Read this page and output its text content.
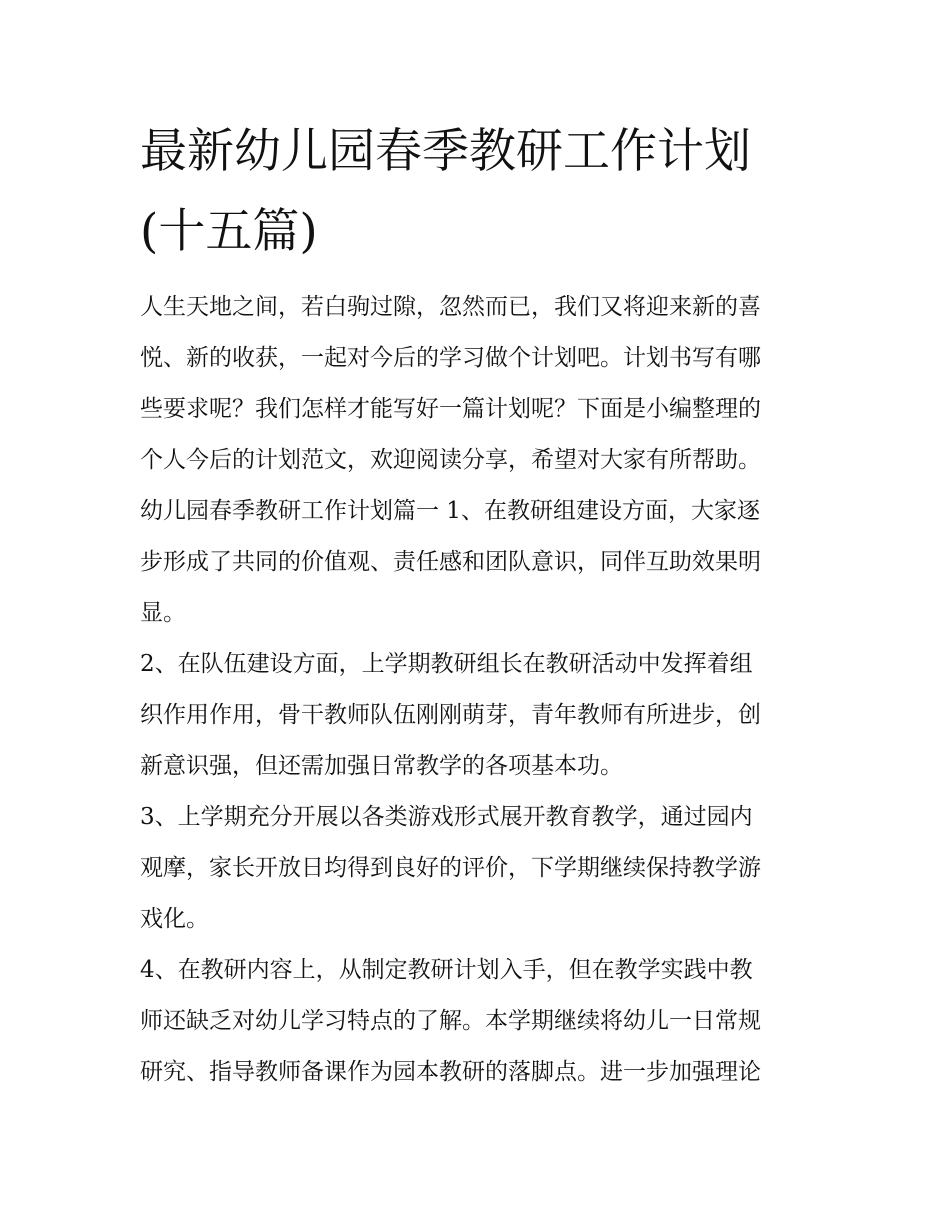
最新幼儿园春季教研工作计划
(十五篇)

人生天地之间，若白驹过隙，忽然而已，我们又将迎来新的喜
悦、新的收获，一起对今后的学习做个计划吧。计划书写有哪
些要求呢？我们怎样才能写好一篇计划呢？下面是小编整理的
个人今后的计划范文，欢迎阅读分享，希望对大家有所帮助。

幼儿园春季教研工作计划篇一 1、在教研组建设方面，大家逐
步形成了共同的价值观、责任感和团队意识，同伴互助效果明
显。

2、在队伍建设方面，上学期教研组长在教研活动中发挥着组
织作用作用，骨干教师队伍刚刚萌芽，青年教师有所进步，创
新意识强，但还需加强日常教学的各项基本功。

3、上学期充分开展以各类游戏形式展开教育教学，通过园内
观摩，家长开放日均得到良好的评价，下学期继续保持教学游
戏化。

4、在教研内容上，从制定教研计划入手，但在教学实践中教
师还缺乏对幼儿学习特点的了解。本学期继续将幼儿一日常规
研究、指导教师备课作为园本教研的落脚点。进一步加强理论
